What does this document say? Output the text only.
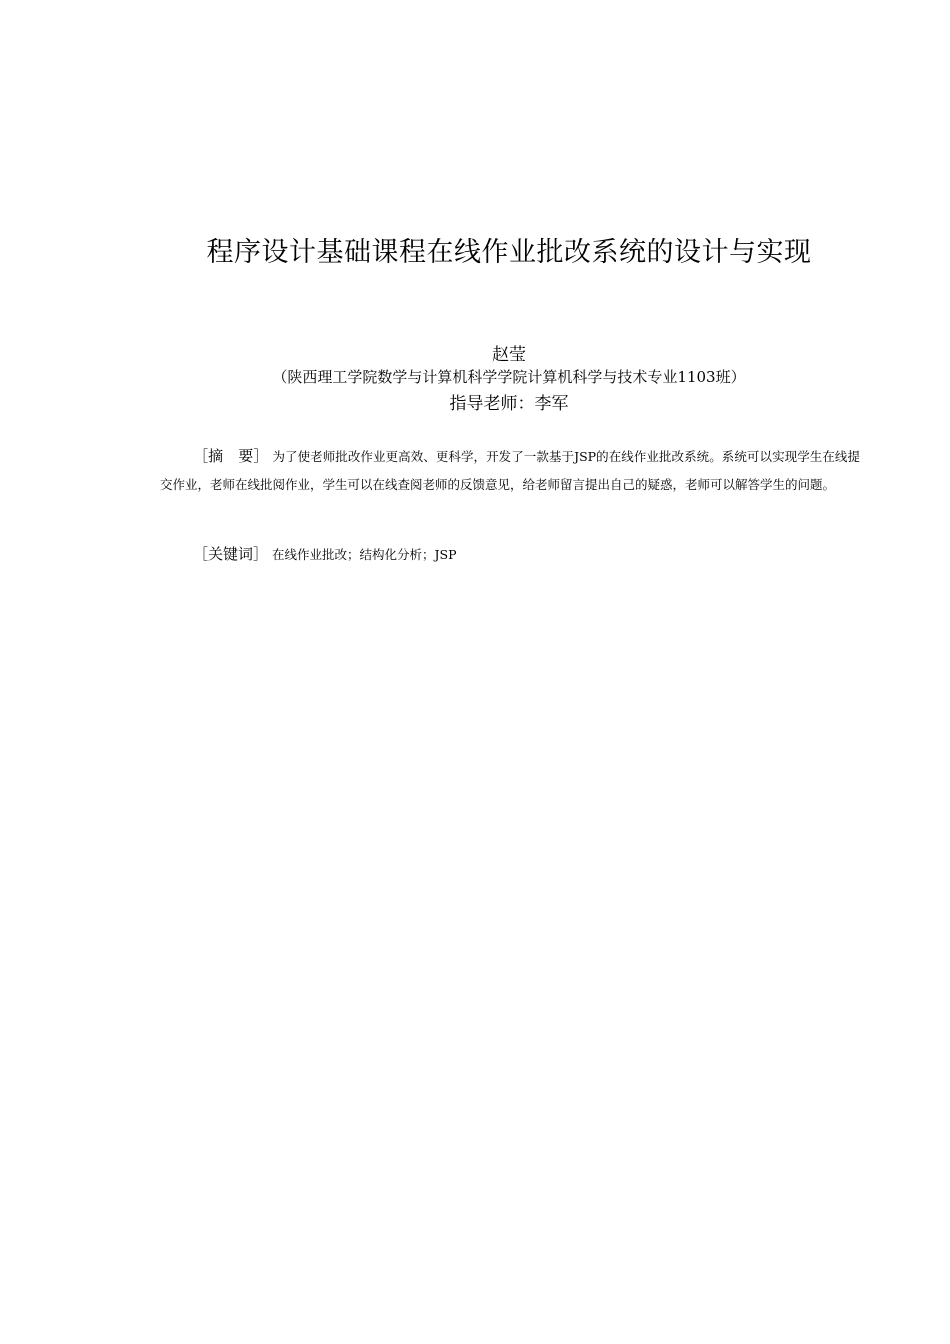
程序设计基础课程在线作业批改系统的设计与实现
赵莹
（陕西理工学院数学与计算机科学学院计算机科学与技术专业1103班）
指导老师：李军
［摘　要］ 为了使老师批改作业更高效、更科学，开发了一款基于JSP的在线作业批改系统。系统可以实现学生在线提交作业，老师在线批阅作业，学生可以在线查阅老师的反馈意见，给老师留言提出自己的疑惑，老师可以解答学生的问题。
［关键词］ 在线作业批改；结构化分析；JSP
